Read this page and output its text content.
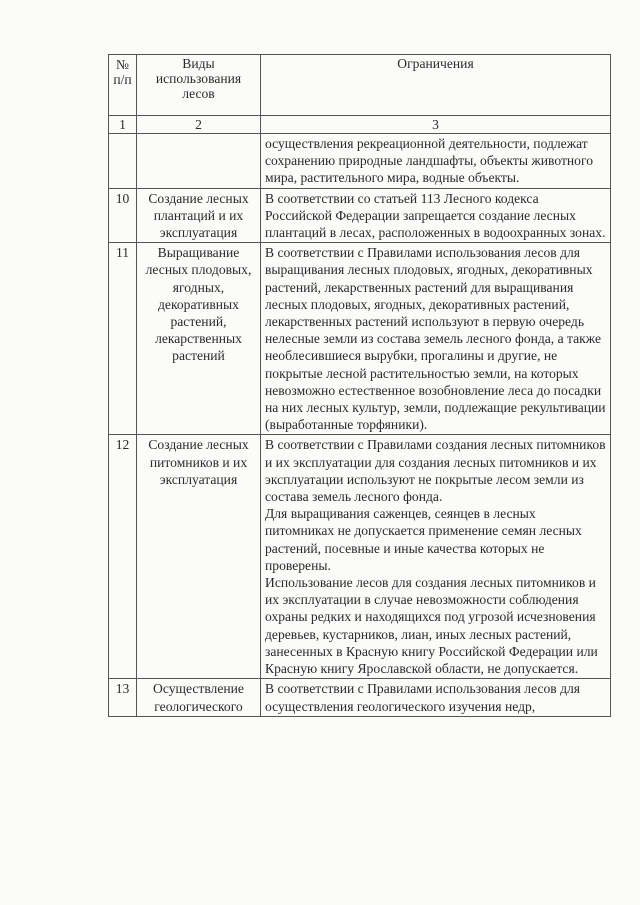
№ п/п	Виды использования лесов	Ограничения
1	2	3

		осуществления рекреационной деятельности, подлежат сохранению природные ландшафты, объекты животного мира, растительного мира, водные объекты.

10	Создание лесных плантаций и их эксплуатация	В соответствии со статьей 113 Лесного кодекса Российской Федерации запрещается создание лесных плантаций в лесах, расположенных в водоохранных зонах.

11	Выращивание лесных плодовых, ягодных, декоративных растений, лекарственных растений	В соответствии с Правилами использования лесов для выращивания лесных плодовых, ягодных, декоративных растений, лекарственных растений для выращивания лесных плодовых, ягодных, декоративных растений, лекарственных растений используют в первую очередь нелесные земли из состава земель лесного фонда, а также необлесившиеся вырубки, прогалины и другие, не покрытые лесной растительностью земли, на которых невозможно естественное возобновление леса до посадки на них лесных культур, земли, подлежащие рекультивации (выработанные торфяники).

12	Создание лесных питомников и их эксплуатация	В соответствии с Правилами создания лесных питомников и их эксплуатации для создания лесных питомников и их эксплуатации используют не покрытые лесом земли из состава земель лесного фонда.

Для выращивания саженцев, сеянцев в лесных питомниках не допускается применение семян лесных растений, посевные и иные качества которых не проверены.

Использование лесов для создания лесных питомников и их эксплуатации в случае невозможности соблюдения охраны редких и находящихся под угрозой исчезновения деревьев, кустарников, лиан, иных лесных растений, занесенных в Красную книгу Российской Федерации или Красную книгу Ярославской области, не допускается.

13	Осуществление геологического	В соответствии с Правилами использования лесов для осуществления геологического изучения недр,
